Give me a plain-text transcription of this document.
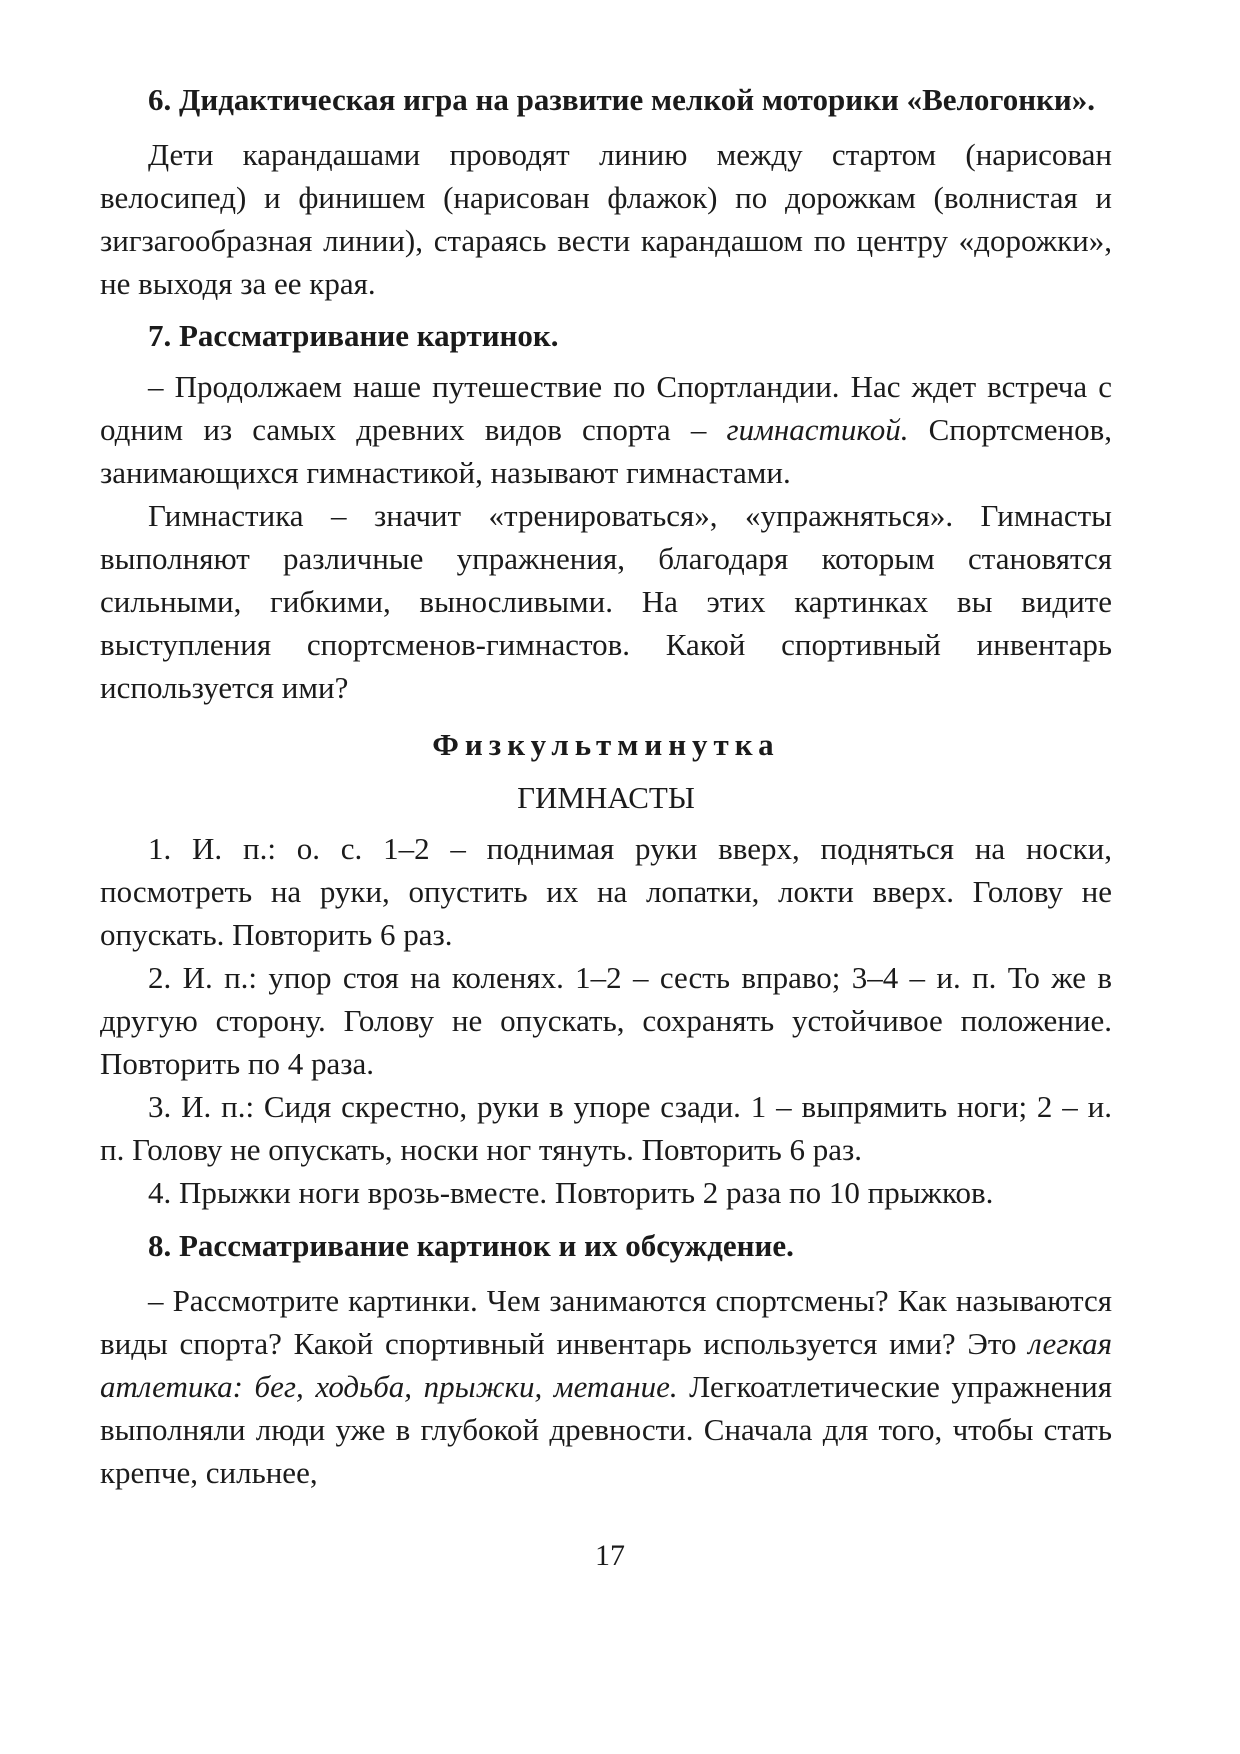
6. Дидактическая игра на развитие мелкой моторики «Велогонки».

Дети карандашами проводят линию между стартом (нарисован велосипед) и финишем (нарисован флажок) по дорожкам (волнистая и зигзагообразная линии), стараясь вести карандашом по центру «дорожки», не выходя за ее края.

7. Рассматривание картинок.

– Продолжаем наше путешествие по Спортландии. Нас ждет встреча с одним из самых древних видов спорта – гимнастикой. Спортсменов, занимающихся гимнастикой, называют гимнастами.

Гимнастика – значит «тренироваться», «упражняться». Гимнасты выполняют различные упражнения, благодаря которым становятся сильными, гибкими, выносливыми. На этих картинках вы видите выступления спортсменов-гимнастов. Какой спортивный инвентарь используется ими?

Физкультминутка

ГИМНАСТЫ

1. И. п.: о. с. 1–2 – поднимая руки вверх, подняться на носки, посмотреть на руки, опустить их на лопатки, локти вверх. Голову не опускать. Повторить 6 раз.

2. И. п.: упор стоя на коленях. 1–2 – сесть вправо; 3–4 – и. п. То же в другую сторону. Голову не опускать, сохранять устойчивое положение. Повторить по 4 раза.

3. И. п.: Сидя скрестно, руки в упоре сзади. 1 – выпрямить ноги; 2 – и. п. Голову не опускать, носки ног тянуть. Повторить 6 раз.

4. Прыжки ноги врозь-вместе. Повторить 2 раза по 10 прыжков.

8. Рассматривание картинок и их обсуждение.

– Рассмотрите картинки. Чем занимаются спортсмены? Как называются виды спорта? Какой спортивный инвентарь используется ими? Это легкая атлетика: бег, ходьба, прыжки, метание. Легкоатлетические упражнения выполняли люди уже в глубокой древности. Сначала для того, чтобы стать крепче, сильнее,

17
